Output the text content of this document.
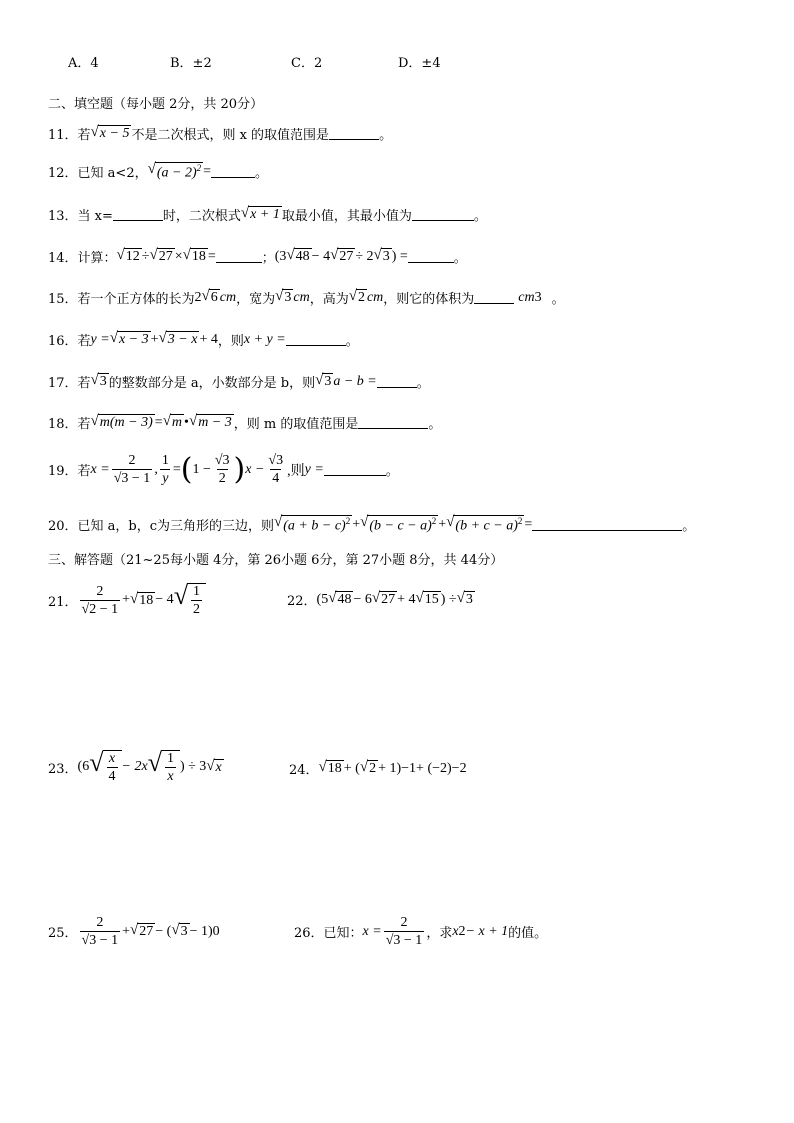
A．4	B．±2	C．2	D．±4
二、填空题（每小题 2分，共 20分）
11．若 √ x − 5 不是二次根式，则 x 的取值范围是	。
12．已知 a<2， √ $(a - 2)^2$ =	。
13．当 x=	时，二次根式 √ x + 1 取最小值，其最小值为	。
14．计算： √ 12 ÷ √ 27 × √ 18 =	； (3 √ 48 − 4 √ 27 ÷ 2 √ 3 ) =	。
15．若一个正方体的长为 2 √ 6 cm ，宽为 √ 3 cm ，高为 √ 2 cm ，则它的体积为	cm 3 。
16．若 y = √ x − 3 + √ 3 − x + 4 ，则 x + y =	。
17．若 √ 3 的整数部分是 a，小数部分是 b，则 √ 3 a − b =	。
18．若 √ m(m − 3) = √ m • √ m − 3 ，则 m 的取值范围是	。
19．若 $x = \frac{2}{√3 - 1}$ , $\frac{1}{y}$ = ( $1 - \frac{√3}{2}$ ) $x - \frac{√3}{4}$ ,则 y =	。
20．已知 a，b，c为三角形的三边，则 √ $(a + b - c)^2$ + √ $(b - c - a)^2$ + √ $(b + c - a)^2$ =	。
三、解答题（21~25每小题 4分，第 26小题 6分，第 27小题 8分，共 44分）
21． $\frac{2}{√2 - 1}$ + √ 18 − 4 √ $\frac{1}{2}$	22． (5 √ 48 − 6 √ 27 + 4 √ 15 ) ÷ √ 3
23． (6 √ $\frac{x}{4} - 2x$ √ $\frac{1}{x}$ ) ÷ 3 √ x	24． √ 18 + ( √ 2 + 1) −1 + (−2) −2
25． $\frac{2}{√3 - 1}$ + √ 27 − ( √ 3 − 1) 0	26．已知： $x = \frac{2}{√3 - 1}$ ，求 x 2 − x + 1 的值。
